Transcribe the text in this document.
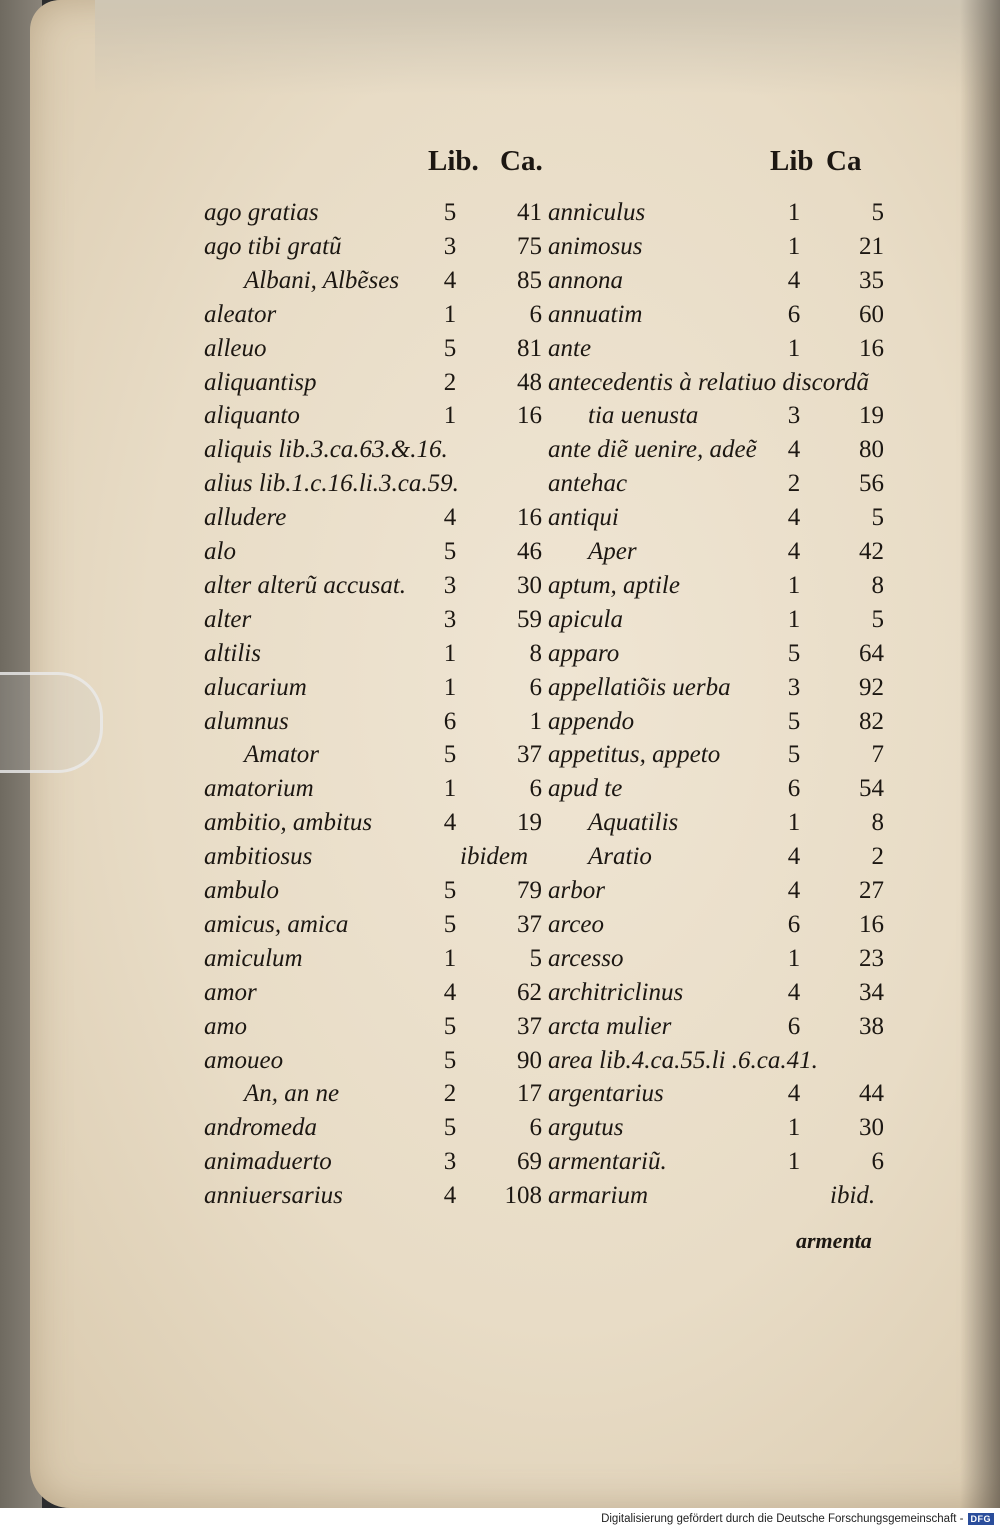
Lib. Ca.	Lib Ca
ago gratias	5	41 anniculus	1	5
ago tibi gratũ	3	75 animosus	1	21
Albani, Albẽses	4	85 annona	4	35
aleator	1	6 annuatim	6	60
alleuo	5	81 ante	1	16
aliquantisp	2	48 antecedentis à relatiuo discordã
aliquanto	1	16 tia uenusta	3	19
aliquis lib.3.ca.63.&.16.	ante diẽ uenire, adeẽ	4	80
alius lib.1.c.16.li.3.ca.59.	antehac	2	56
alludere	4	16 antiqui	4	5
alo	5	46 Aper	4	42
alter alterũ accusat.	3	30 aptum, aptile	1	8
alter	3	59 apicula	1	5
altilis	1	8 apparo	5	64
alucarium	1	6 appellatiõis uerba	3	92
alumnus	6	1 appendo	5	82
Amator	5	37 appetitus, appeto	5	7
amatorium	1	6 apud te	6	54
ambitio, ambitus	4	19 Aquatilis	1	8
ambitiosus	ibidem Aratio	4	2
ambulo	5	79 arbor	4	27
amicus, amica	5	37 arceo	6	16
amiculum	1	5 arcesso	1	23
amor	4	62 architriclinus	4	34
amo	5	37 arcta mulier	6	38
amoueo	5	90 area lib.4.ca.55.li .6.ca.41.
An, an ne	2	17 argentarius	4	44
andromeda	5	6 argutus	1	30
animaduerto	3	69 armentariũ.	1	6
anniuersarius	4	108 armarium	ibid.
armenta
Digitalisierung gefördert durch die Deutsche Forschungsgemeinschaft - DFG
